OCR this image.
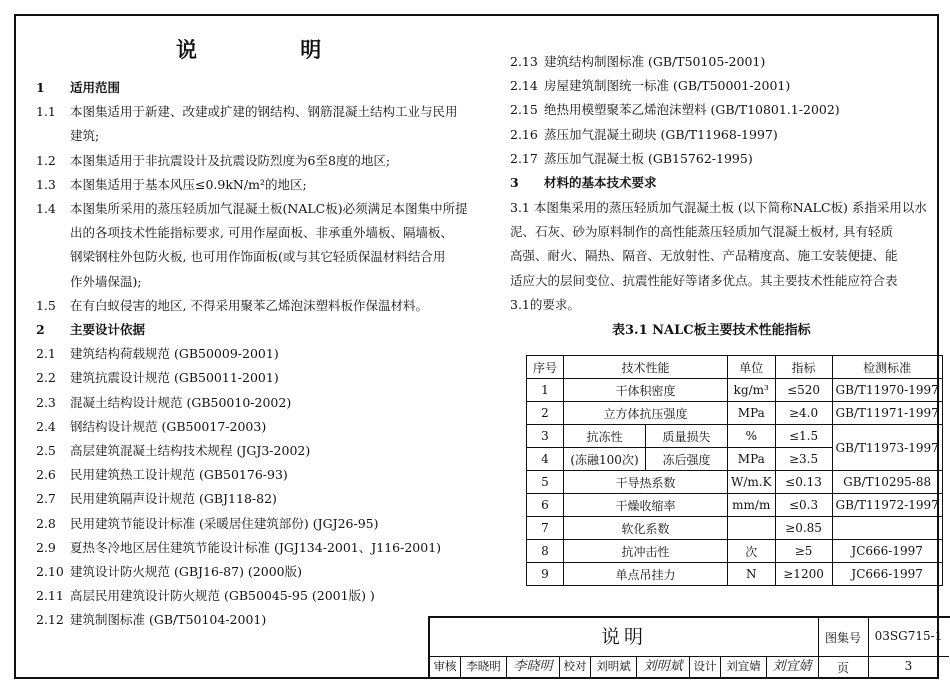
说 明
1 适用范围
1.1 本图集适用于新建、改建或扩建的钢结构、钢筋混凝土结构工业与民用
建筑;
1.2 本图集适用于非抗震设计及抗震设防烈度为6至8度的地区;
1.3 本图集适用于基本风压≤0.9kN/m²的地区;
1.4 本图集所采用的蒸压轻质加气混凝土板(NALC板)必须满足本图集中所提
出的各项技术性能指标要求, 可用作屋面板、非承重外墙板、隔墙板、
钢梁钢柱外包防火板, 也可用作饰面板(或与其它轻质保温材料结合用
作外墙保温);
1.5 在有白蚁侵害的地区, 不得采用聚苯乙烯泡沫塑料板作保温材料。
2 主要设计依据
2.1 建筑结构荷载规范 (GB50009-2001)
2.2 建筑抗震设计规范 (GB50011-2001)
2.3 混凝土结构设计规范 (GB50010-2002)
2.4 钢结构设计规范 (GB50017-2003)
2.5 高层建筑混凝土结构技术规程 (JGJ3-2002)
2.6 民用建筑热工设计规范 (GB50176-93)
2.7 民用建筑隔声设计规范 (GBJ118-82)
2.8 民用建筑节能设计标准 (采暖居住建筑部份) (JGJ26-95)
2.9 夏热冬冷地区居住建筑节能设计标准 (JGJ134-2001、J116-2001)
2.10 建筑设计防火规范 (GBJ16-87) (2000版)
2.11 高层民用建筑设计防火规范 (GB50045-95 (2001版) )
2.12 建筑制图标准 (GB/T50104-2001)
2.13 建筑结构制图标准 (GB/T50105-2001)
2.14 房屋建筑制图统一标准 (GB/T50001-2001)
2.15 绝热用模塑聚苯乙烯泡沫塑料 (GB/T10801.1-2002)
2.16 蒸压加气混凝土砌块 (GB/T11968-1997)
2.17 蒸压加气混凝土板 (GB15762-1995)
3 材料的基本技术要求
3.1 本图集采用的蒸压轻质加气混凝土板 (以下简称NALC板) 系指采用以水
泥、石灰、砂为原料制作的高性能蒸压轻质加气混凝土板材, 具有轻质
高强、耐火、隔热、隔音、无放射性、产品精度高、施工安装便捷、能
适应大的层间变位、抗震性能好等诸多优点。其主要技术性能应符合表
3.1的要求。
表3.1 NALC板主要技术性能指标
序号	技术性能		单位	指标	检测标准
1	干体积密度		kg/m³	≤520	GB/T11970-1997
2	立方体抗压强度		MPa	≥4.0	GB/T11971-1997
3	抗冻性	质量损失	%	≤1.5	GB/T11973-1997
4	(冻融100次)	冻后强度	MPa	≥3.5	
5	干导热系数		W/m.K	≤0.13	GB/T10295-88
6	干燥收缩率		mm/m	≤0.3	GB/T11972-1997
7	软化系数			≥0.85	
8	抗冲击性		次	≥5	JC666-1997
9	单点吊挂力		N	≥1200	JC666-1997
说明	图集号	03SG715-1
页	3
审核 李晓明 李晓明 校对 刘明斌 刘明斌 设计 刘宜婧 刘宜婧
